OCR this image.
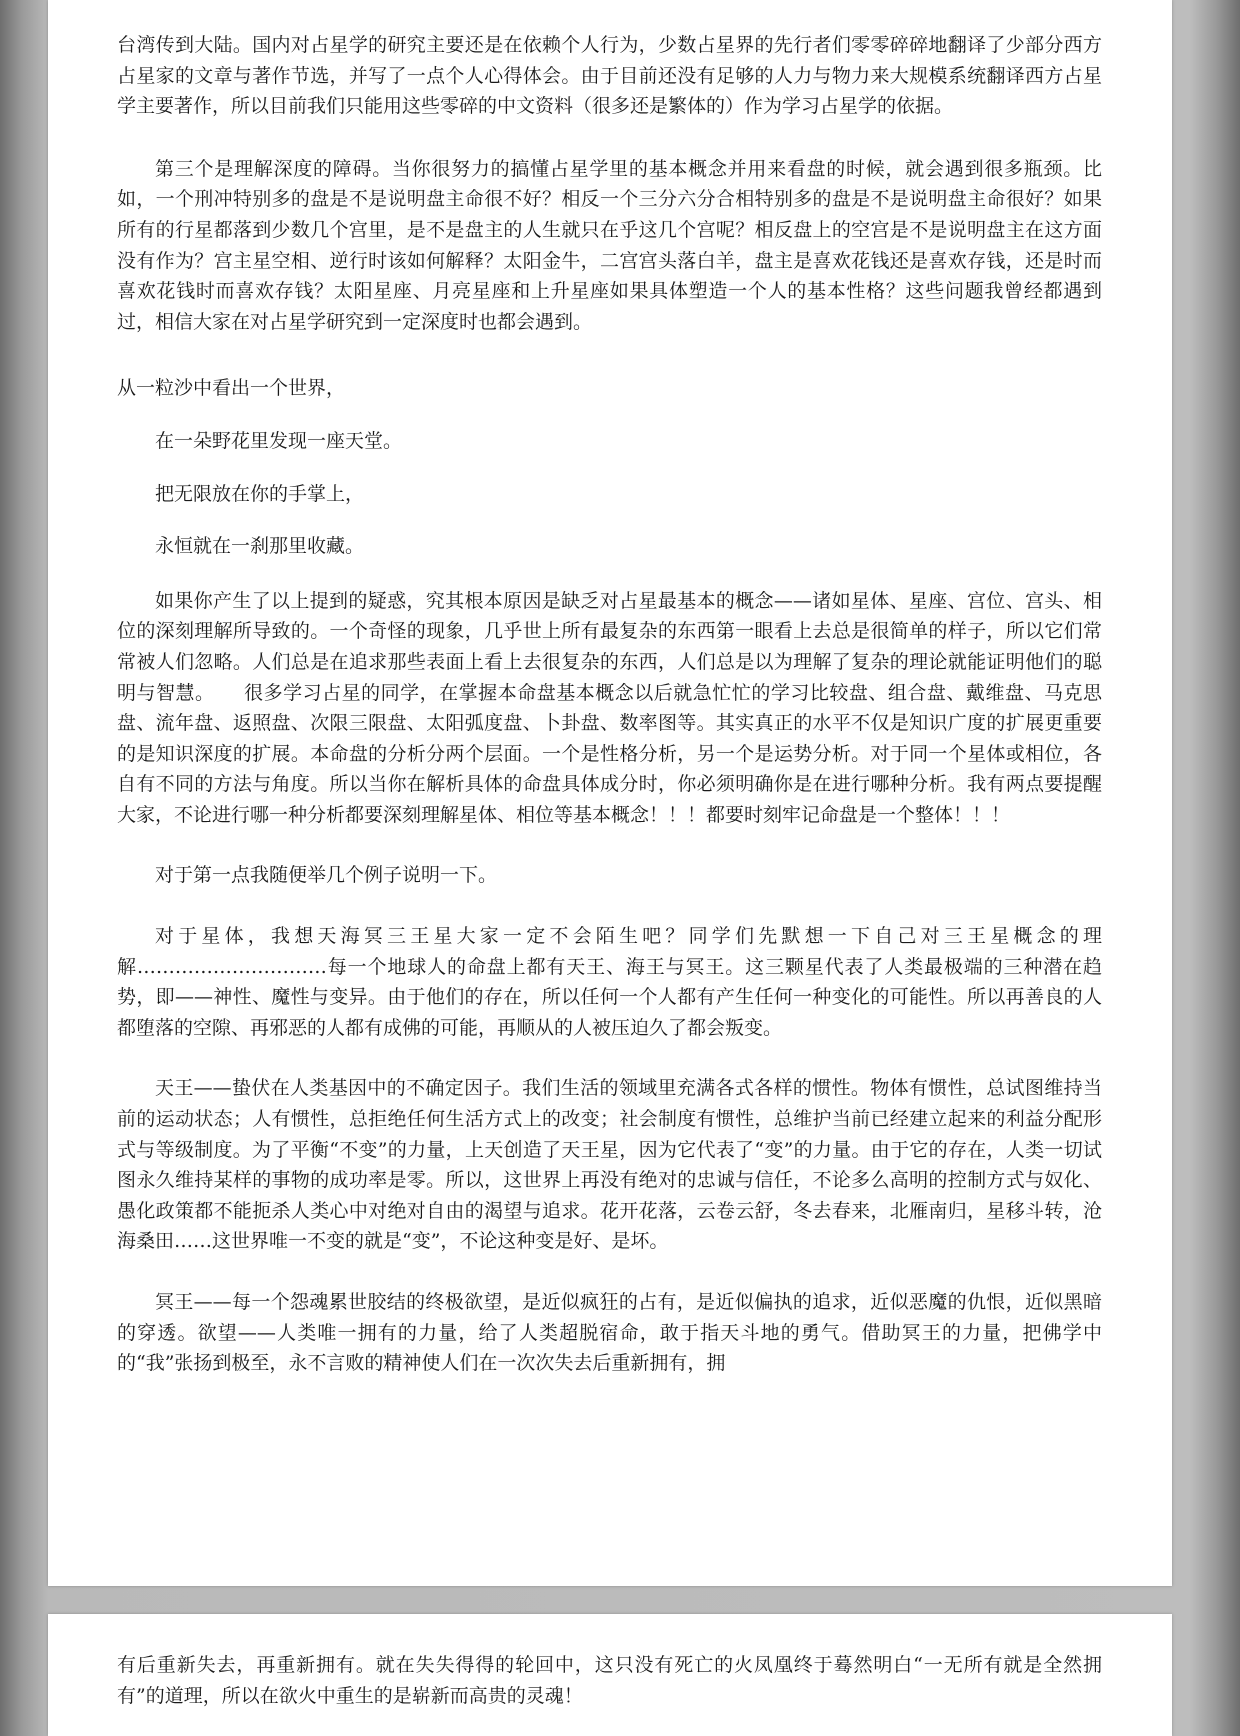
台湾传到大陆。国内对占星学的研究主要还是在依赖个人行为，少数占星界的先行者们零零碎碎地翻译了少部分西方占星家的文章与著作节选，并写了一点个人心得体会。由于目前还没有足够的人力与物力来大规模系统翻译西方占星学主要著作，所以目前我们只能用这些零碎的中文资料（很多还是繁体的）作为学习占星学的依据。

第三个是理解深度的障碍。当你很努力的搞懂占星学里的基本概念并用来看盘的时候，就会遇到很多瓶颈。比如，一个刑冲特别多的盘是不是说明盘主命很不好？相反一个三分六分合相特别多的盘是不是说明盘主命很好？如果所有的行星都落到少数几个宫里，是不是盘主的人生就只在乎这几个宫呢？相反盘上的空宫是不是说明盘主在这方面没有作为？宫主星空相、逆行时该如何解释？太阳金牛，二宫宫头落白羊，盘主是喜欢花钱还是喜欢存钱，还是时而喜欢花钱时而喜欢存钱？太阳星座、月亮星座和上升星座如果具体塑造一个人的基本性格？这些问题我曾经都遇到过，相信大家在对占星学研究到一定深度时也都会遇到。

从一粒沙中看出一个世界，

在一朵野花里发现一座天堂。

把无限放在你的手掌上，

永恒就在一刹那里收藏。

如果你产生了以上提到的疑惑，究其根本原因是缺乏对占星最基本的概念——诸如星体、星座、宫位、宫头、相位的深刻理解所导致的。一个奇怪的现象，几乎世上所有最复杂的东西第一眼看上去总是很简单的样子，所以它们常常被人们忽略。人们总是在追求那些表面上看上去很复杂的东西，人们总是以为理解了复杂的理论就能证明他们的聪明与智慧。　　很多学习占星的同学，在掌握本命盘基本概念以后就急忙忙的学习比较盘、组合盘、戴维盘、马克思盘、流年盘、返照盘、次限三限盘、太阳弧度盘、卜卦盘、数率图等。其实真正的水平不仅是知识广度的扩展更重要的是知识深度的扩展。本命盘的分析分两个层面。一个是性格分析，另一个是运势分析。对于同一个星体或相位，各自有不同的方法与角度。所以当你在解析具体的命盘具体成分时，你必须明确你是在进行哪种分析。我有两点要提醒大家，不论进行哪一种分析都要深刻理解星体、相位等基本概念！！！都要时刻牢记命盘是一个整体！！！

对于第一点我随便举几个例子说明一下。

对于星体，我想天海冥三王星大家一定不会陌生吧？同学们先默想一下自己对三王星概念的理解…………………………每一个地球人的命盘上都有天王、海王与冥王。这三颗星代表了人类最极端的三种潜在趋势，即——神性、魔性与变异。由于他们的存在，所以任何一个人都有产生任何一种变化的可能性。所以再善良的人都堕落的空隙、再邪恶的人都有成佛的可能，再顺从的人被压迫久了都会叛变。

天王——蛰伏在人类基因中的不确定因子。我们生活的领域里充满各式各样的惯性。物体有惯性，总试图维持当前的运动状态；人有惯性，总拒绝任何生活方式上的改变；社会制度有惯性，总维护当前已经建立起来的利益分配形式与等级制度。为了平衡“不变”的力量，上天创造了天王星，因为它代表了“变”的力量。由于它的存在，人类一切试图永久维持某样的事物的成功率是零。所以，这世界上再没有绝对的忠诚与信任，不论多么高明的控制方式与奴化、愚化政策都不能扼杀人类心中对绝对自由的渴望与追求。花开花落，云卷云舒，冬去春来，北雁南归，星移斗转，沧海桑田……这世界唯一不变的就是“变”，不论这种变是好、是坏。

冥王——每一个怨魂累世胶结的终极欲望，是近似疯狂的占有，是近似偏执的追求，近似恶魔的仇恨，近似黑暗的穿透。欲望——人类唯一拥有的力量，给了人类超脱宿命，敢于指天斗地的勇气。借助冥王的力量，把佛学中的“我”张扬到极至，永不言败的精神使人们在一次次失去后重新拥有，拥

有后重新失去，再重新拥有。就在失失得得的轮回中，这只没有死亡的火凤凰终于蓦然明白“一无所有就是全然拥有”的道理，所以在欲火中重生的是崭新而高贵的灵魂！
